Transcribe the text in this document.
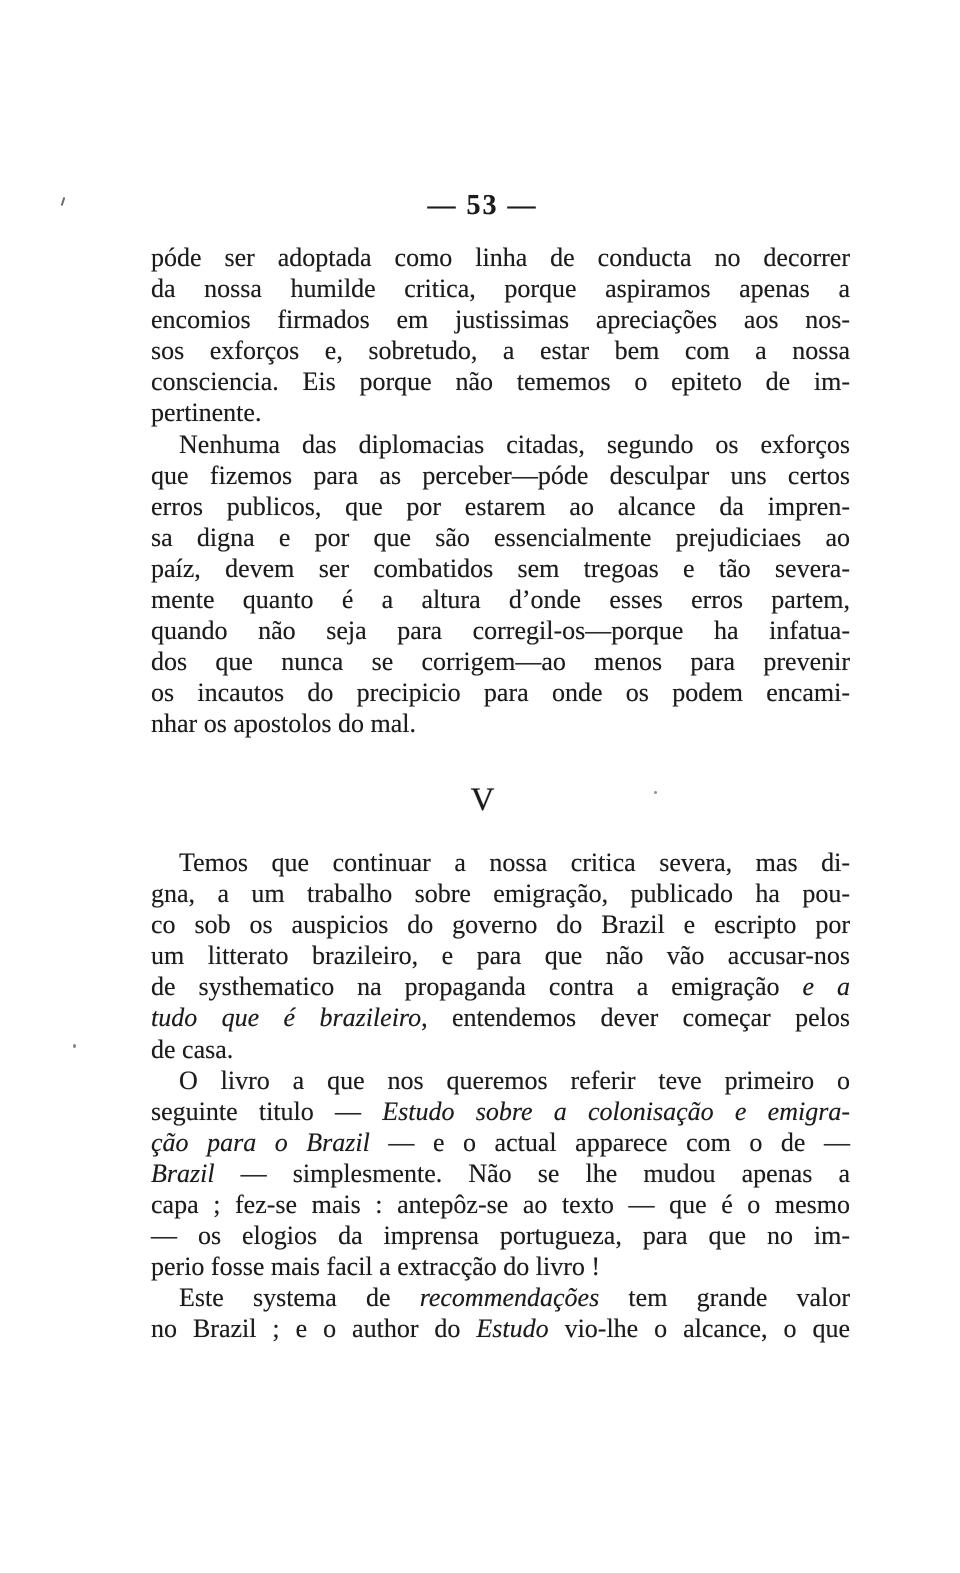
— 53 —
póde ser adoptada como linha de conducta no decorrer
da nossa humilde critica, porque aspiramos apenas a
encomios firmados em justissimas apreciações aos nos-
sos exforços e, sobretudo, a estar bem com a nossa
consciencia. Eis porque não tememos o epiteto de im-
pertinente.
Nenhuma das diplomacias citadas, segundo os exforços
que fizemos para as perceber—póde desculpar uns certos
erros publicos, que por estarem ao alcance da impren-
sa digna e por que são essencialmente prejudiciaes ao
paíz, devem ser combatidos sem tregoas e tão severa-
mente quanto é a altura d’onde esses erros partem,
quando não seja para corregil-os—porque ha infatua-
dos que nunca se corrigem—ao menos para prevenir
os incautos do precipicio para onde os podem encami-
nhar os apostolos do mal.
V
Temos que continuar a nossa critica severa, mas di-
gna, a um trabalho sobre emigração, publicado ha pou-
co sob os auspicios do governo do Brazil e escripto por
um litterato brazileiro, e para que não vão accusar-nos
de systhematico na propaganda contra a emigração e a
tudo que é brazileiro, entendemos dever começar pelos
de casa.
O livro a que nos queremos referir teve primeiro o
seguinte titulo — Estudo sobre a colonisação e emigra-
ção para o Brazil — e o actual apparece com o de —
Brazil — simplesmente. Não se lhe mudou apenas a
capa ; fez-se mais : antepôz-se ao texto — que é o mesmo
— os elogios da imprensa portugueza, para que no im-
perio fosse mais facil a extracção do livro !
Este systema de recommendações tem grande valor
no Brazil ; e o author do Estudo vio-lhe o alcance, o que
